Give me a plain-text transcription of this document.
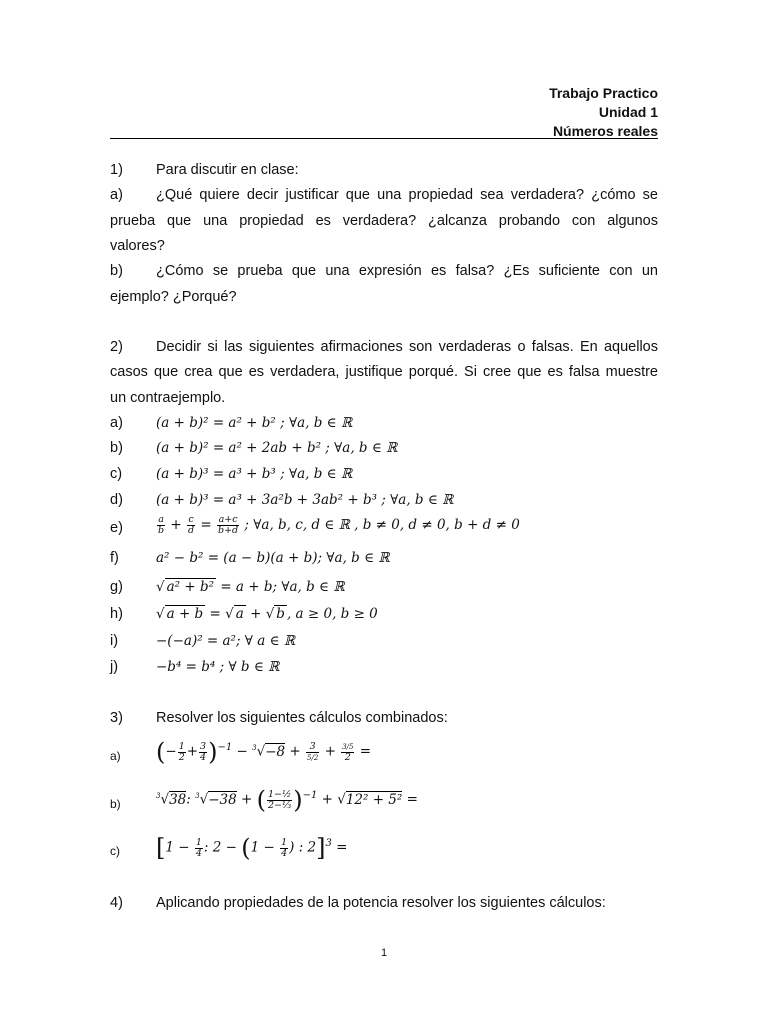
Trabajo Practico
Unidad 1
Números reales
1) Para discutir en clase:
a) ¿Qué quiere decir justificar que una propiedad sea verdadera? ¿cómo se
prueba que una propiedad es verdadera? ¿alcanza probando con algunos
valores?
b) ¿Cómo se prueba que una expresión es falsa? ¿Es suficiente con un
ejemplo? ¿Porqué?
2) Decidir si las siguientes afirmaciones son verdaderas o falsas. En aquellos
casos que crea que es verdadera, justifique porqué. Si cree que es falsa muestre
un contraejemplo.
a) (a + b)² = a² + b² ; ∀a, b ∈ ℝ
b) (a + b)² = a² + 2ab + b² ; ∀a, b ∈ ℝ
c)	(a + b)³ = a³ + b³ ; ∀a, b ∈ ℝ
d) (a + b)³ = a³ + 3a²b + 3ab² + b³ ; ∀a, b ∈ ℝ
e)	$\frac{a}{b} + \frac{c}{d} = \frac{a+c}{b+d}$ ; ∀a, b, c, d ∈ ℝ , b ≠ 0, d ≠ 0, b + d ≠ 0
f)	a² − b² = (a − b)(a + b); ∀a, b ∈ ℝ
g) √ a² + b² = a + b; ∀a, b ∈ ℝ
h) √ a + b = √ a + √ b , a ≥ 0, b ≥ 0
i)	−(−a)² = a²; ∀ a ∈ ℝ
j)	−b⁴ = b⁴ ; ∀ b ∈ ℝ
3) Resolver los siguientes cálculos combinados:
a) (− $\frac{1}{2} + \frac{3}{4} )^{-1} - ^3√-8 + \frac{3}{5/2} + \frac{3/5}{2}$ =
b)
$^3$√38: $^3$√−38 + ( $\frac{\text{1−½}}{\text{2−⅓}} )^{-1} + √12^2 + 5^2$ =
c) [$1 - \frac{1}{4}$ : $2 - (1 - \frac{1}{4}$ ) : 2]$^3$ =
4) Aplicando propiedades de la potencia resolver los siguientes cálculos:
1
